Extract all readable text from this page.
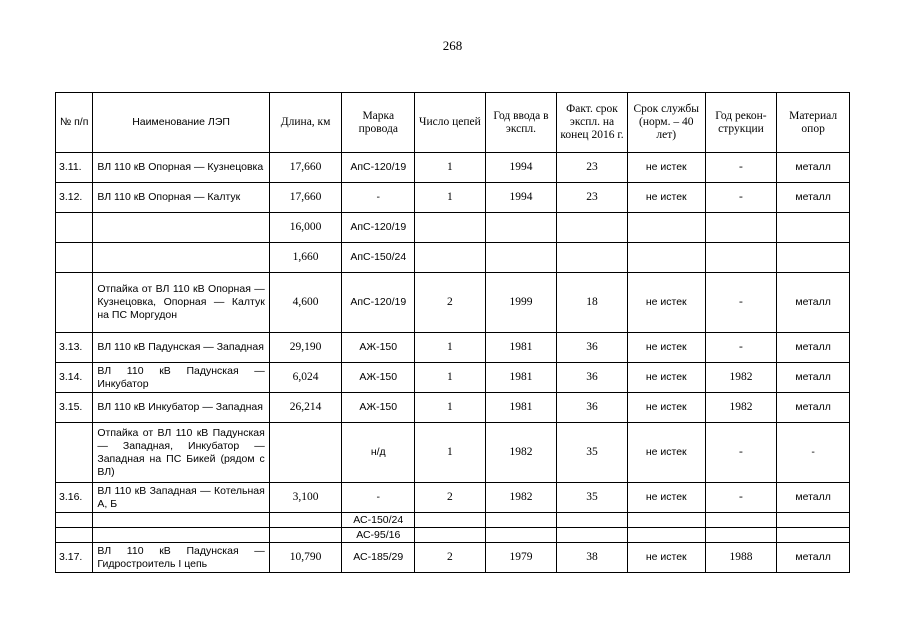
268
№ п/п	Наименование ЛЭП	Длина, км	Марка провода	Число цепей	Год ввода в экспл.	Факт. срок экспл. на конец 2016 г.	Срок службы (норм. – 40 лет)	Год рекон-струкции	Материал опор
3.11.	ВЛ 110 кВ Опорная — Кузнецовка	17,660	АпС-120/19	1	1994	23	не истек	-	металл
3.12.	ВЛ 110 кВ Опорная — Калтук	17,660	-	1	1994	23	не истек	-	металл
		16,000	АпС-120/19						
		1,660	АпС-150/24						
	Отпайка от ВЛ 110 кВ Опорная — Кузнецовка, Опорная — Калтук на ПС Моргудон	4,600	АпС-120/19	2	1999	18	не истек	-	металл
3.13.	ВЛ 110 кВ Падунская — Западная	29,190	АЖ-150	1	1981	36	не истек	-	металл
3.14.	ВЛ 110 кВ Падунская — Инкубатор	6,024	АЖ-150	1	1981	36	не истек	1982	металл
3.15.	ВЛ 110 кВ Инкубатор — Западная	26,214	АЖ-150	1	1981	36	не истек	1982	металл
	Отпайка от ВЛ 110 кВ Падунская — Западная, Инкубатор — Западная на ПС Бикей (рядом с ВЛ)		н/д	1	1982	35	не истек	-	-
3.16.	ВЛ 110 кВ Западная — Котельная А, Б	3,100	-	2	1982	35	не истек	-	металл
			АС-150/24						
			АС-95/16						
3.17.	ВЛ 110 кВ Падунская — Гидростроитель I цепь	10,790	АС-185/29	2	1979	38	не истек	1988	металл
